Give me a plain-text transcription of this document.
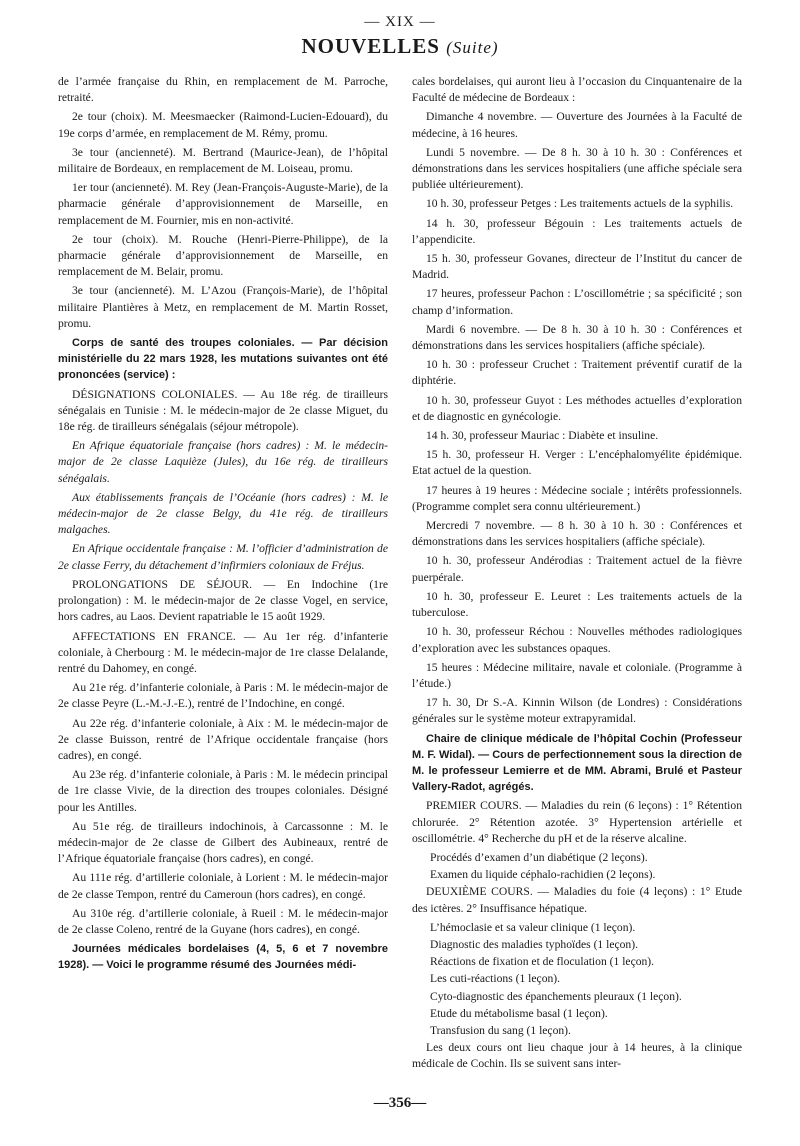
— XIX —
NOUVELLES (Suite)

de l’armée française du Rhin, en remplacement de M. Parroche, retraité.

2e tour (choix). M. Meesmaecker (Raimond-Lucien-Edouard), du 19e corps d’armée, en remplacement de M. Rémy, promu.

3e tour (ancienneté). M. Bertrand (Maurice-Jean), de l’hôpital militaire de Bordeaux, en remplacement de M. Loiseau, promu.

1er tour (ancienneté). M. Rey (Jean-François-Auguste-Marie), de la pharmacie générale d’approvisionnement de Marseille, en remplacement de M. Fournier, mis en non-activité.

2e tour (choix). M. Rouche (Henri-Pierre-Philippe), de la pharmacie générale d’approvisionnement de Marseille, en remplacement de M. Belair, promu.

3e tour (ancienneté). M. L’Azou (François-Marie), de l’hôpital militaire Plantières à Metz, en remplacement de M. Martin Rosset, promu.

Corps de santé des troupes coloniales. — Par décision ministérielle du 22 mars 1928, les mutations suivantes ont été prononcées (service) :

DÉSIGNATIONS COLONIALES. — Au 18e rég. de tirailleurs sénégalais en Tunisie : M. le médecin-major de 2e classe Miguet, du 18e rég. de tirailleurs sénégalais (séjour métropole).

En Afrique équatoriale française (hors cadres) : M. le médecin-major de 2e classe Laquièze (Jules), du 16e rég. de tirailleurs sénégalais.

Aux établissements français de l’Océanie (hors cadres) : M. le médecin-major de 2e classe Belgy, du 41e rég. de tirailleurs malgaches.

En Afrique occidentale française : M. l’officier d’administration de 2e classe Ferry, du détachement d’infirmiers coloniaux de Fréjus.

PROLONGATIONS DE SÉJOUR. — En Indochine (1re prolongation) : M. le médecin-major de 2e classe Vogel, en service, hors cadres, au Laos. Devient rapatriable le 15 août 1929.

AFFECTATIONS EN FRANCE. — Au 1er rég. d’infanterie coloniale, à Cherbourg : M. le médecin-major de 1re classe Delalande, rentré du Dahomey, en congé.

Au 21e rég. d’infanterie coloniale, à Paris : M. le médecin-major de 2e classe Peyre (L.-M.-J.-E.), rentré de l’Indochine, en congé.

Au 22e rég. d’infanterie coloniale, à Aix : M. le médecin-major de 2e classe Buisson, rentré de l’Afrique occidentale française (hors cadres), en congé.

Au 23e rég. d’infanterie coloniale, à Paris : M. le médecin principal de 1re classe Vivie, de la direction des troupes coloniales. Désigné pour les Antilles.

Au 51e rég. de tirailleurs indochinois, à Carcassonne : M. le médecin-major de 2e classe de Gilbert des Aubineaux, rentré de l’Afrique équatoriale française (hors cadres), en congé.

Au 111e rég. d’artillerie coloniale, à Lorient : M. le médecin-major de 2e classe Tempon, rentré du Cameroun (hors cadres), en congé.

Au 310e rég. d’artillerie coloniale, à Rueil : M. le médecin-major de 2e classe Coleno, rentré de la Guyane (hors cadres), en congé.

Journées médicales bordelaises (4, 5, 6 et 7 novembre 1928). — Voici le programme résumé des Journées médi-

cales bordelaises, qui auront lieu à l’occasion du Cinquantenaire de la Faculté de médecine de Bordeaux :

Dimanche 4 novembre. — Ouverture des Journées à la Faculté de médecine, à 16 heures.

Lundi 5 novembre. — De 8 h. 30 à 10 h. 30 : Conférences et démonstrations dans les services hospitaliers (une affiche spéciale sera publiée ultérieurement).

10 h. 30, professeur Petges : Les traitements actuels de la syphilis.

14 h. 30, professeur Bégouin : Les traitements actuels de l’appendicite.

15 h. 30, professeur Govanes, directeur de l’Institut du cancer de Madrid.

17 heures, professeur Pachon : L’oscillométrie ; sa spécificité ; son champ d’information.

Mardi 6 novembre. — De 8 h. 30 à 10 h. 30 : Conférences et démonstrations dans les services hospitaliers (affiche spéciale).

10 h. 30 : professeur Cruchet : Traitement préventif curatif de la diphtérie.

10 h. 30, professeur Guyot : Les méthodes actuelles d’exploration et de diagnostic en gynécologie.

14 h. 30, professeur Mauriac : Diabète et insuline.

15 h. 30, professeur H. Verger : L’encéphalomyélite épidémique. Etat actuel de la question.

17 heures à 19 heures : Médecine sociale ; intérêts professionnels. (Programme complet sera connu ultérieurement.)

Mercredi 7 novembre. — 8 h. 30 à 10 h. 30 : Conférences et démonstrations dans les services hospitaliers (affiche spéciale).

10 h. 30, professeur Andérodias : Traitement actuel de la fièvre puerpérale.

10 h. 30, professeur E. Leuret : Les traitements actuels de la tuberculose.

10 h. 30, professeur Réchou : Nouvelles méthodes radiologiques d’exploration avec les substances opaques.

15 heures : Médecine militaire, navale et coloniale. (Programme à l’étude.)

17 h. 30, Dr S.-A. Kinnin Wilson (de Londres) : Considérations générales sur le système moteur extrapyramidal.

Chaire de clinique médicale de l’hôpital Cochin (Professeur M. F. Widal). — Cours de perfectionnement sous la direction de M. le professeur Lemierre et de MM. Abrami, Brulé et Pasteur Vallery-Radot, agrégés.

PREMIER COURS. — Maladies du rein (6 leçons) : 1° Rétention chlorurée. 2° Rétention azotée. 3° Hypertension artérielle et oscillométrie. 4° Recherche du pH et de la réserve alcaline.

Procédés d’examen d’un diabétique (2 leçons).

Examen du liquide céphalo-rachidien (2 leçons).

DEUXIÈME COURS. — Maladies du foie (4 leçons) : 1° Etude des ictères. 2° Insuffisance hépatique.

L’hémoclasie et sa valeur clinique (1 leçon).

Diagnostic des maladies typhoïdes (1 leçon).

Réactions de fixation et de floculation (1 leçon).

Les cuti-réactions (1 leçon).

Cyto-diagnostic des épanchements pleuraux (1 leçon).

Etude du métabolisme basal (1 leçon).

Transfusion du sang (1 leçon).

Les deux cours ont lieu chaque jour à 14 heures, à la clinique médicale de Cochin. Ils se suivent sans inter-

—356—
